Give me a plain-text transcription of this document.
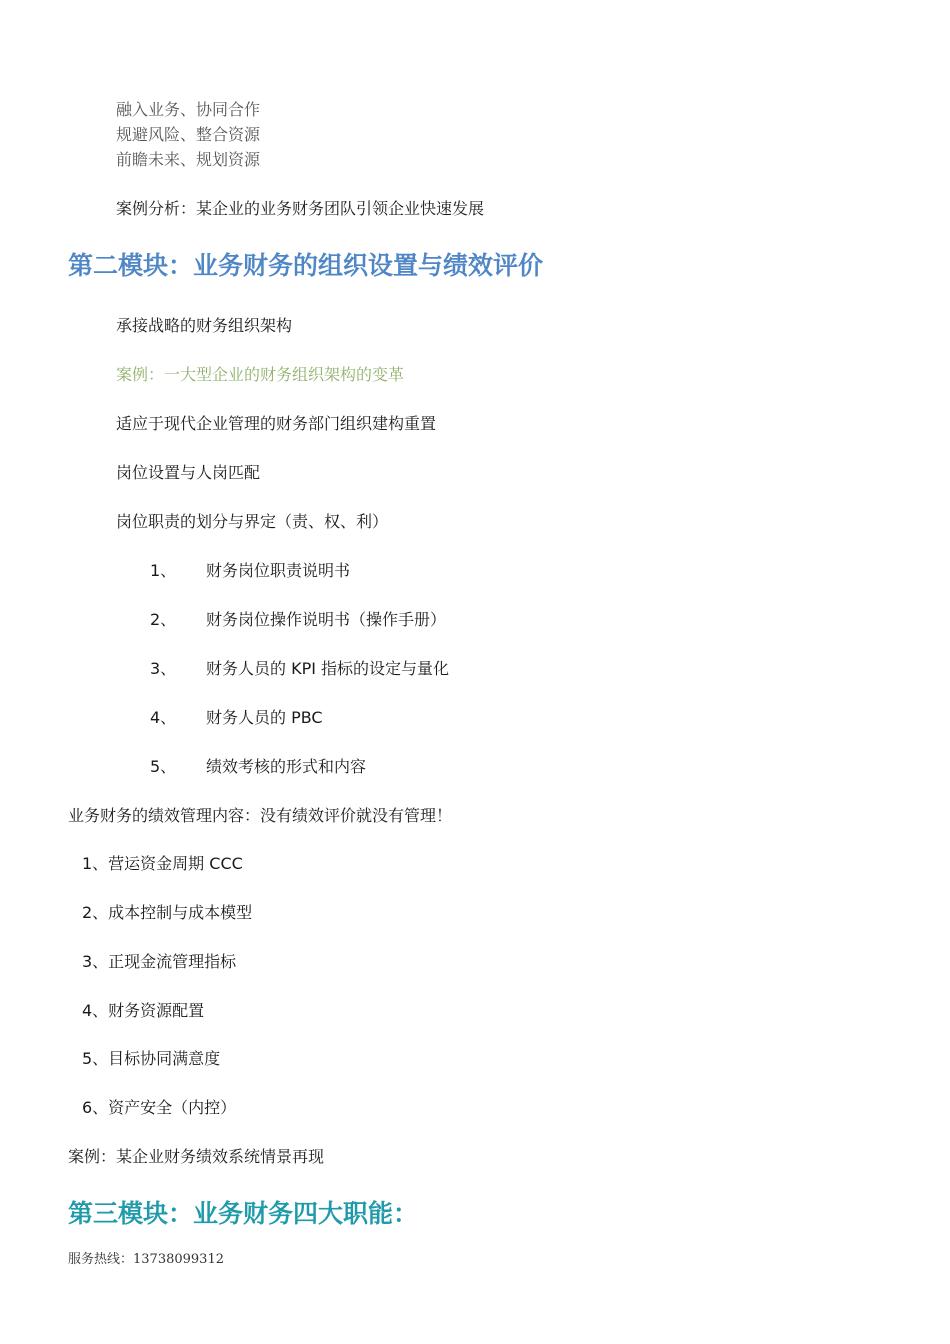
融入业务、协同合作
规避风险、整合资源
前瞻未来、规划资源
案例分析：某企业的业务财务团队引领企业快速发展
第二模块：业务财务的组织设置与绩效评价
承接战略的财务组织架构
案例：一大型企业的财务组织架构的变革
适应于现代企业管理的财务部门组织建构重置
岗位设置与人岗匹配
岗位职责的划分与界定（责、权、利）
1、 财务岗位职责说明书
2、 财务岗位操作说明书（操作手册）
3、 财务人员的 KPI 指标的设定与量化
4、 财务人员的 PBC
5、 绩效考核的形式和内容
业务财务的绩效管理内容：没有绩效评价就没有管理！
1、营运资金周期 CCC
2、成本控制与成本模型
3、正现金流管理指标
4、财务资源配置
5、目标协同满意度
6、资产安全（内控）
案例：某企业财务绩效系统情景再现
第三模块：业务财务四大职能：
服务热线：13738099312
